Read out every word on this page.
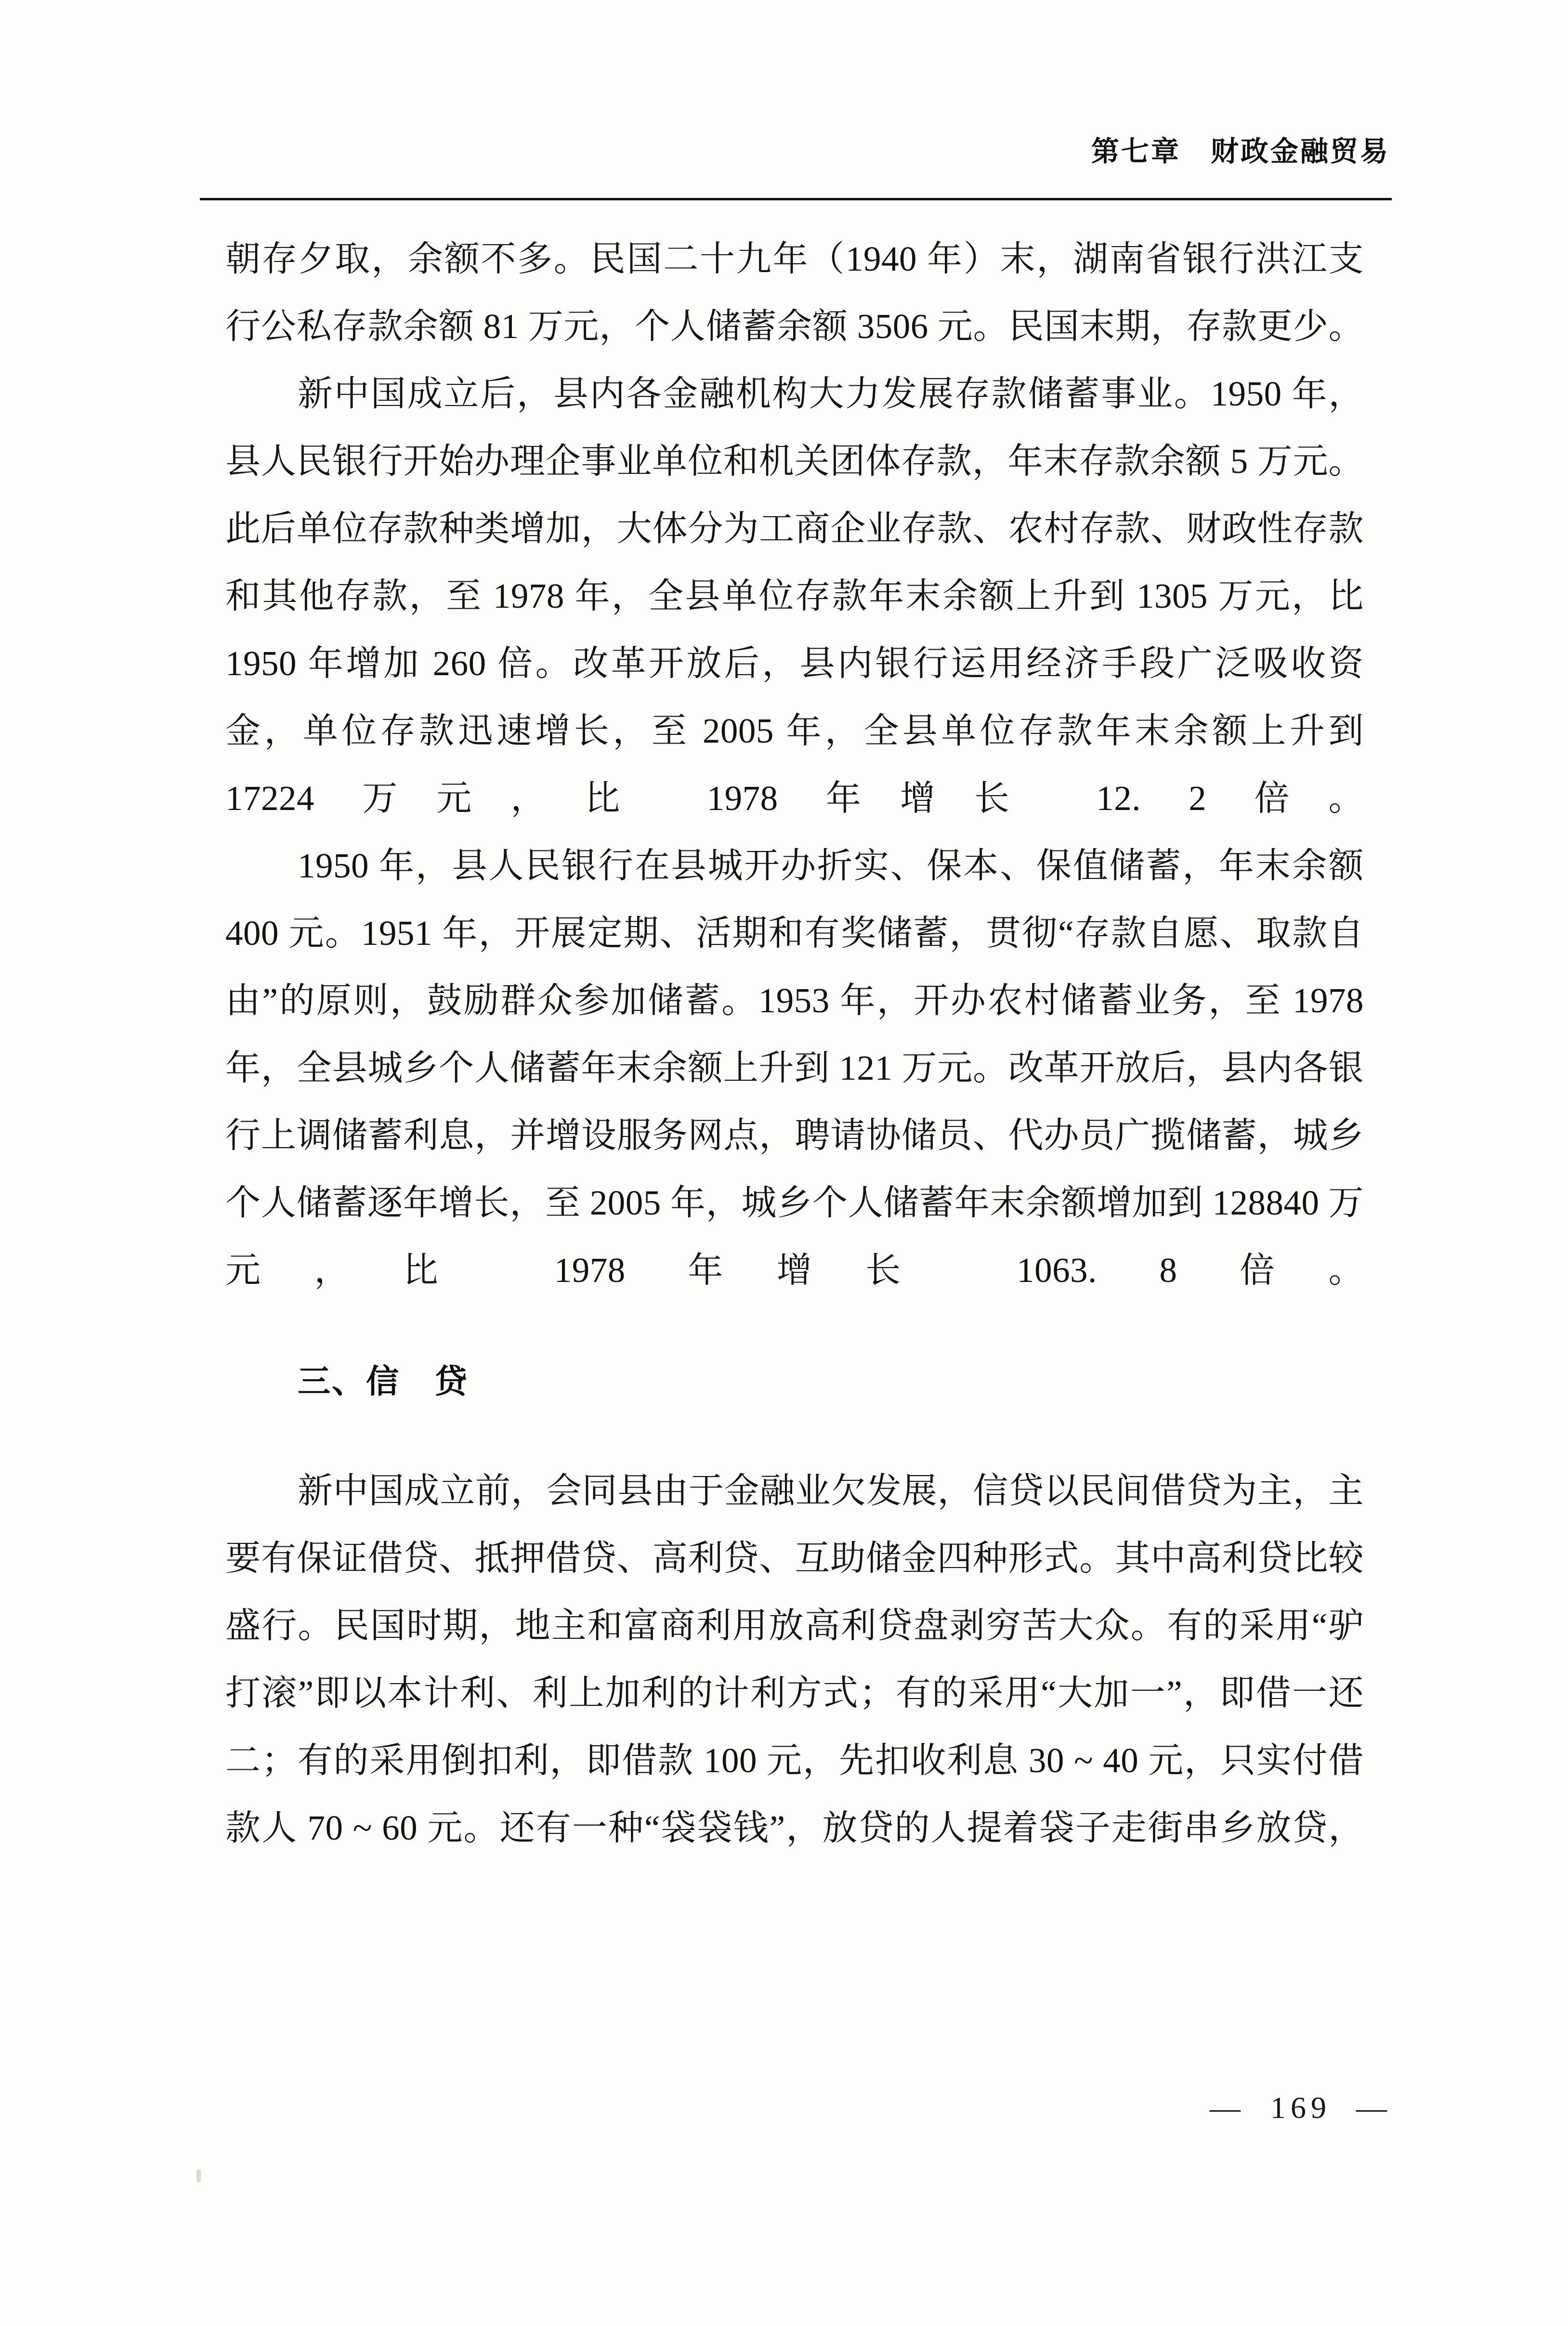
第七章　财政金融贸易

朝存夕取，余额不多。民国二十九年（1940 年）末，湖南省银行洪江支行公私存款余额 81 万元，个人储蓄余额 3506 元。民国末期，存款更少。

新中国成立后，县内各金融机构大力发展存款储蓄事业。1950 年，县人民银行开始办理企事业单位和机关团体存款，年末存款余额 5 万元。此后单位存款种类增加，大体分为工商企业存款、农村存款、财政性存款和其他存款，至 1978 年，全县单位存款年末余额上升到 1305 万元，比 1950 年增加 260 倍。改革开放后，县内银行运用经济手段广泛吸收资金，单位存款迅速增长，至 2005 年，全县单位存款年末余额上升到 17224 万元，比 1978 年增长 12. 2 倍。

1950 年，县人民银行在县城开办折实、保本、保值储蓄，年末余额 400 元。1951 年，开展定期、活期和有奖储蓄，贯彻“存款自愿、取款自由”的原则，鼓励群众参加储蓄。1953 年，开办农村储蓄业务，至 1978 年，全县城乡个人储蓄年末余额上升到 121 万元。改革开放后，县内各银行上调储蓄利息，并增设服务网点，聘请协储员、代办员广揽储蓄，城乡个人储蓄逐年增长，至 2005 年，城乡个人储蓄年末余额增加到 128840 万元，比 1978 年增长 1063. 8 倍。

三、信　贷

新中国成立前，会同县由于金融业欠发展，信贷以民间借贷为主，主要有保证借贷、抵押借贷、高利贷、互助储金四种形式。其中高利贷比较盛行。民国时期，地主和富商利用放高利贷盘剥穷苦大众。有的采用“驴打滚”即以本计利、利上加利的计利方式；有的采用“大加一”，即借一还二；有的采用倒扣利，即借款 100 元，先扣收利息 30 ~ 40 元，只实付借款人 70 ~ 60 元。还有一种“袋袋钱”，放贷的人提着袋子走街串乡放贷，

—  169  —
